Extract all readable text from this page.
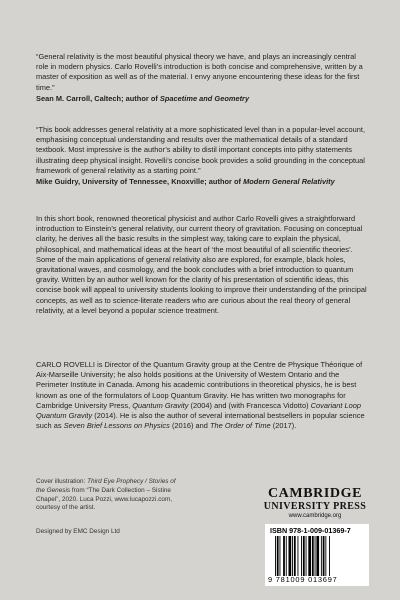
“General relativity is the most beautiful physical theory we have, and plays an increasingly central role in modern physics. Carlo Rovelli’s introduction is both concise and comprehensive, written by a master of exposition as well as of the material. I envy anyone encountering these ideas for the first time.”

Sean M. Carroll, Caltech; author of Spacetime and Geometry

“This book addresses general relativity at a more sophisticated level than in a popular-level account, emphasising conceptual understanding and results over the mathematical details of a standard textbook. Most impressive is the author’s ability to distil important concepts into pithy statements illustrating deep physical insight. Rovelli’s concise book provides a solid grounding in the conceptual framework of general relativity as a starting point.”

Mike Guidry, University of Tennessee, Knoxville; author of Modern General Relativity

In this short book, renowned theoretical physicist and author Carlo Rovelli gives a straightforward introduction to Einstein’s general relativity, our current theory of gravitation. Focusing on conceptual clarity, he derives all the basic results in the simplest way, taking care to explain the physical, philosophical, and mathematical ideas at the heart of ‘the most beautiful of all scientific theories’. Some of the main applications of general relativity also are explored, for example, black holes, gravitational waves, and cosmology, and the book concludes with a brief introduction to quantum gravity. Written by an author well known for the clarity of his presentation of scientific ideas, this concise book will appeal to university students looking to improve their understanding of the principal concepts, as well as to science-literate readers who are curious about the real theory of general relativity, at a level beyond a popular science treatment.

CARLO ROVELLI is Director of the Quantum Gravity group at the Centre de Physique Théorique of Aix-Marseille University; he also holds positions at the University of Western Ontario and the Perimeter Institute in Canada. Among his academic contributions in theoretical physics, he is best known as one of the formulators of Loop Quantum Gravity. He has written two monographs for Cambridge University Press, Quantum Gravity (2004) and (with Francesca Vidotto) Covariant Loop Quantum Gravity (2014). He is also the author of several international bestsellers in popular science such as Seven Brief Lessons on Physics (2016) and The Order of Time (2017).

Cover illustration: Third Eye Prophecy / Stories of the Genesis from “The Dark Collection – Sistine Chapel”, 2020. Luca Pozzi, www.lucapozzi.com, courtesy of the artist.
Designed by EMC Design Ltd
CAMBRIDGE
UNIVERSITY PRESS
www.cambridge.org
ISBN 978-1-009-01369-7
9 781009 013697
